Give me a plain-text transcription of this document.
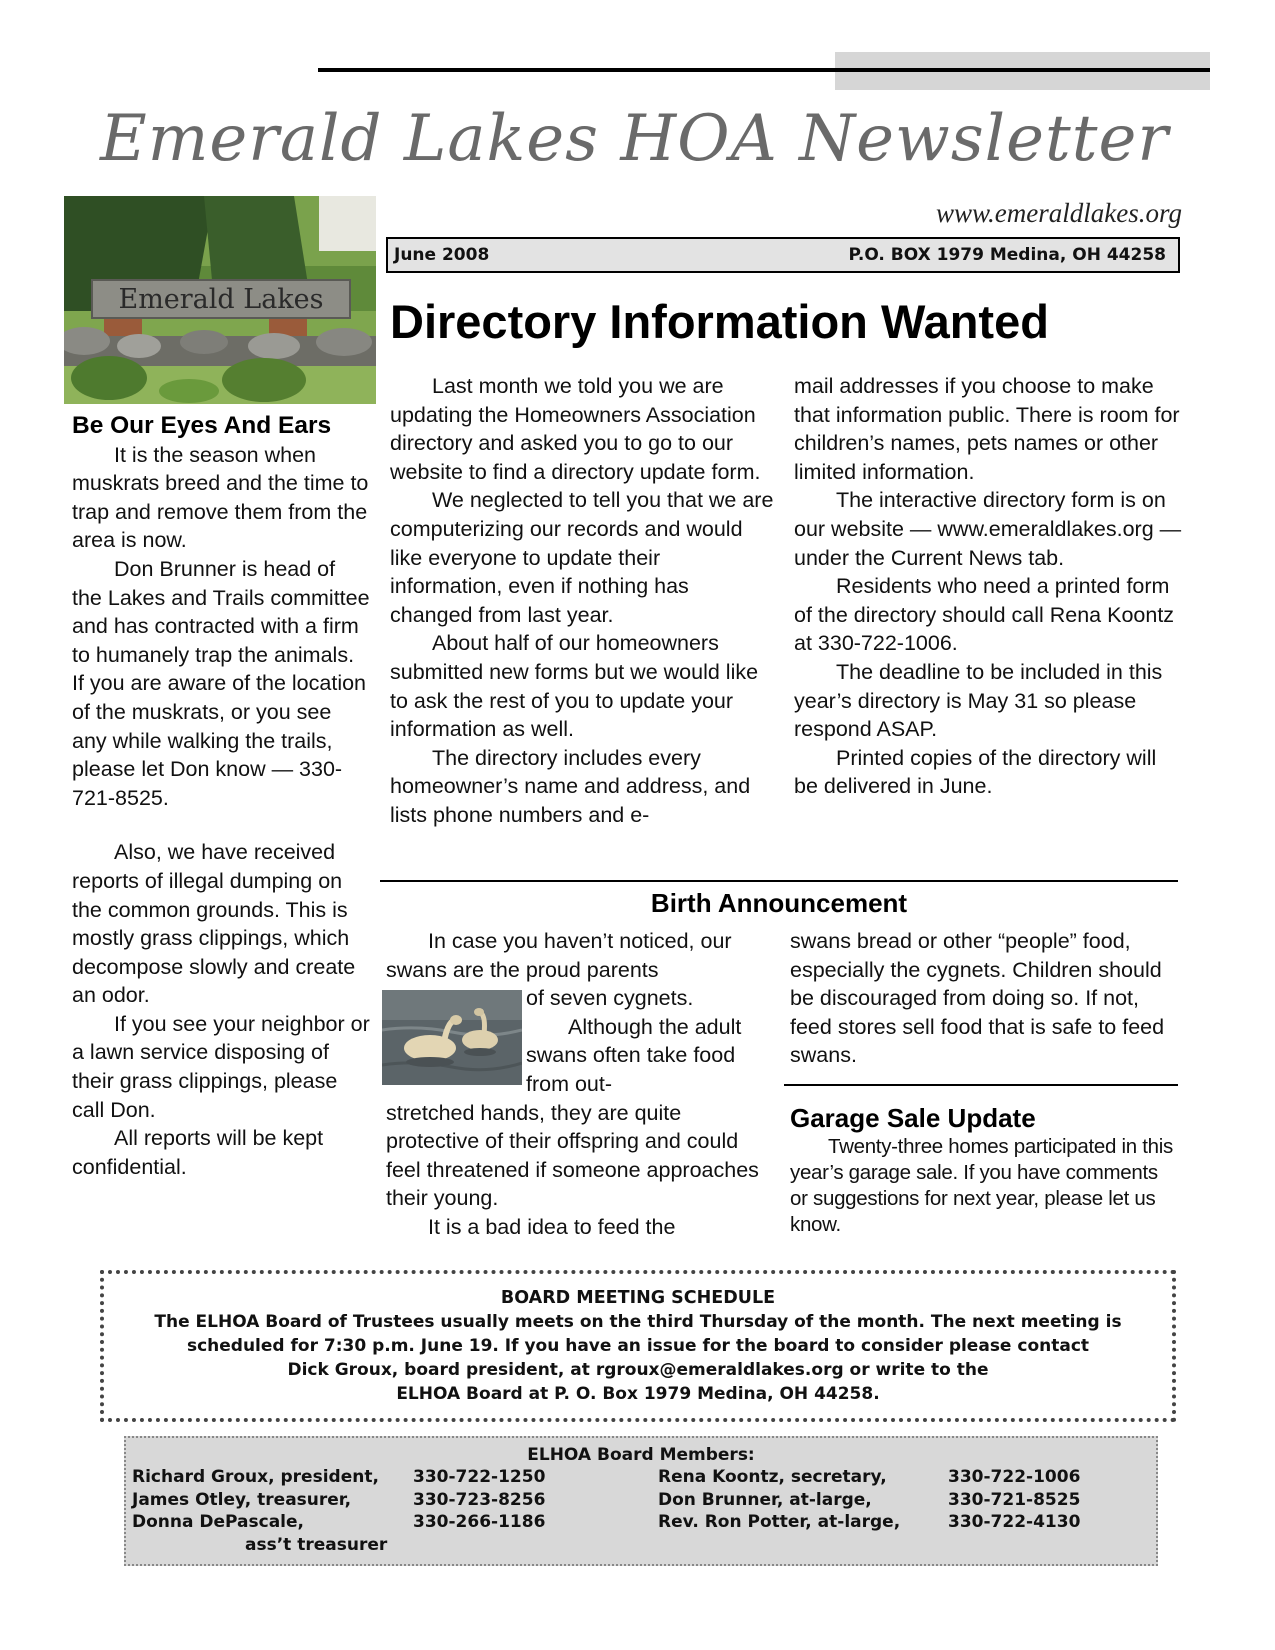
Emerald Lakes HOA Newsletter
www.emeraldlakes.org
Emerald Lakes
June 2008	P.O. BOX 1979 Medina, OH 44258
Directory Information Wanted
Be Our Eyes And Ears

It is the season when muskrats breed and the time to trap and remove them from the area is now.

Don Brunner is head of the Lakes and Trails committee and has contracted with a firm to humanely trap the animals. If you are aware of the location of the muskrats, or you see any while walking the trails, please let Don know — 330-721-8525.

Also, we have received reports of illegal dumping on the common grounds. This is mostly grass clippings, which decompose slowly and create an odor.

If you see your neighbor or a lawn service disposing of their grass clippings, please call Don.

All reports will be kept confidential.

Last month we told you we are updating the Homeowners Association directory and asked you to go to our website to find a directory update form.

We neglected to tell you that we are computerizing our records and would like everyone to update their information, even if nothing has changed from last year.

About half of our homeowners submitted new forms but we would like to ask the rest of you to update your information as well.

The directory includes every homeowner’s name and address, and lists phone numbers and e-

mail addresses if you choose to make that information public. There is room for children’s names, pets names or other limited information.

The interactive directory form is on our website — www.emeraldlakes.org — under the Current News tab.

Residents who need a printed form of the directory should call Rena Koontz at 330-722-1006.

The deadline to be included in this year’s directory is May 31 so please respond ASAP.

Printed copies of the directory will be delivered in June.

Birth Announcement

In case you haven’t noticed, our swans are the proud parents

of seven cygnets.

Although the adult swans often take food from out-

stretched hands, they are quite protective of their offspring and could feel threatened if someone approaches their young.

It is a bad idea to feed the

swans bread or other “people” food, especially the cygnets. Children should be discouraged from doing so. If not, feed stores sell food that is safe to feed swans.

Garage Sale Update
Twenty-three homes participated in this year’s garage sale. If you have comments or suggestions for next year, please let us know.
BOARD MEETING SCHEDULE
The ELHOA Board of Trustees usually meets on the third Thursday of the month. The next meeting is
scheduled for 7:30 p.m. June 19. If you have an issue for the board to consider please contact
Dick Groux, board president, at rgroux@emeraldlakes.org or write to the
ELHOA Board at P. O. Box 1979 Medina, OH 44258.
ELHOA Board Members:
Richard Groux, president,
James Otley, treasurer,
Donna DePascale,
ass’t treasurer
330-722-1250
330-723-8256
330-266-1186
Rena Koontz, secretary,
Don Brunner, at-large,
Rev. Ron Potter, at-large,
330-722-1006
330-721-8525
330-722-4130
